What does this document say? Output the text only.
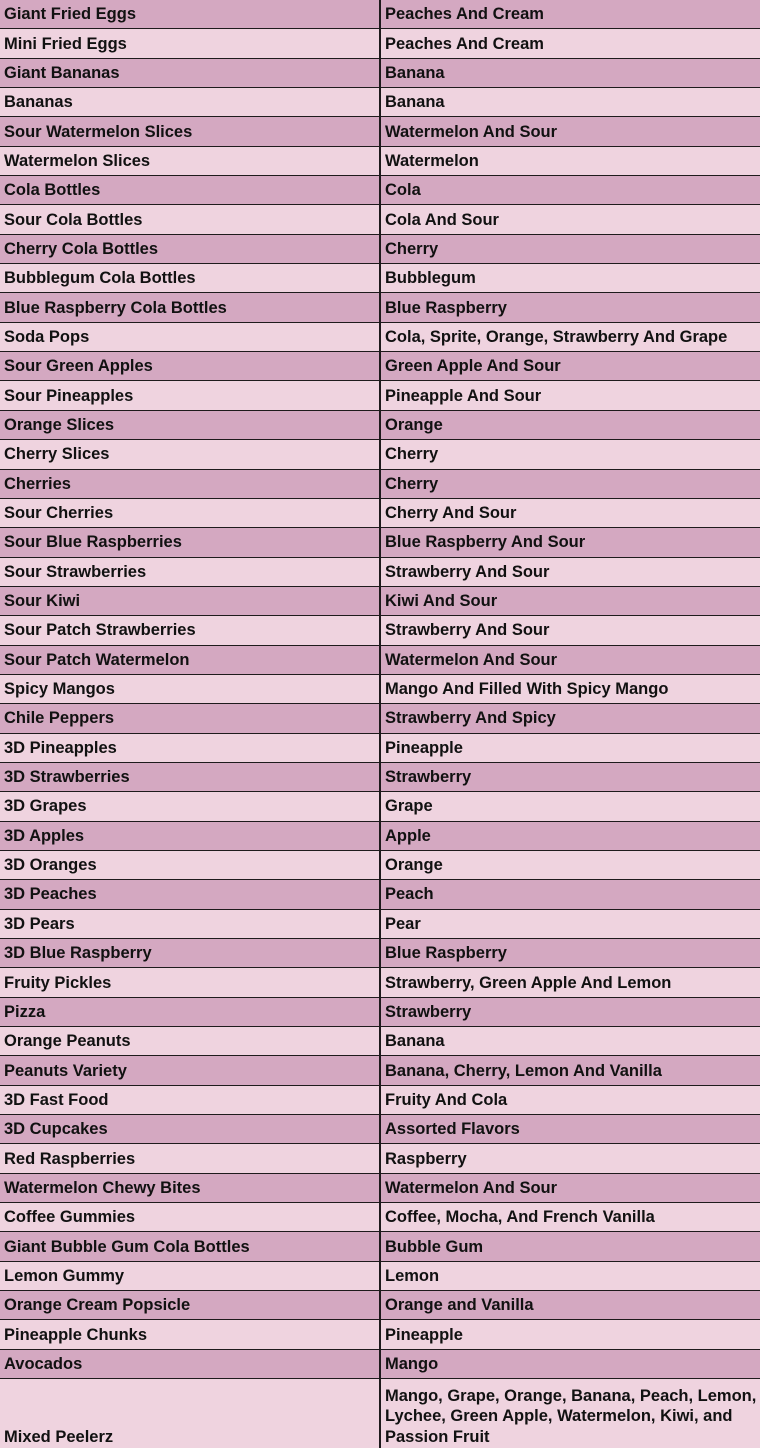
Giant Fried Eggs	Peaches And Cream
Mini Fried Eggs	Peaches And Cream
Giant Bananas	Banana
Bananas	Banana
Sour Watermelon Slices	Watermelon And Sour
Watermelon Slices	Watermelon
Cola Bottles	Cola
Sour Cola Bottles	Cola And Sour
Cherry Cola Bottles	Cherry
Bubblegum Cola Bottles	Bubblegum
Blue Raspberry Cola Bottles	Blue Raspberry
Soda Pops	Cola, Sprite, Orange, Strawberry And Grape
Sour Green Apples	Green Apple And Sour
Sour Pineapples	Pineapple And Sour
Orange Slices	Orange
Cherry Slices	Cherry
Cherries	Cherry
Sour Cherries	Cherry And Sour
Sour Blue Raspberries	Blue Raspberry And Sour
Sour Strawberries	Strawberry And Sour
Sour Kiwi	Kiwi And Sour
Sour Patch Strawberries	Strawberry And Sour
Sour Patch Watermelon	Watermelon And Sour
Spicy Mangos	Mango And Filled With Spicy Mango
Chile Peppers	Strawberry And Spicy
3D Pineapples	Pineapple
3D Strawberries	Strawberry
3D Grapes	Grape
3D Apples	Apple
3D Oranges	Orange
3D Peaches	Peach
3D Pears	Pear
3D Blue Raspberry	Blue Raspberry
Fruity Pickles	Strawberry, Green Apple And Lemon
Pizza	Strawberry
Orange Peanuts	Banana
Peanuts Variety	Banana, Cherry, Lemon And Vanilla
3D Fast Food	Fruity And Cola
3D Cupcakes	Assorted Flavors
Red Raspberries	Raspberry
Watermelon Chewy Bites	Watermelon And Sour
Coffee Gummies	Coffee, Mocha, And French Vanilla
Giant Bubble Gum Cola Bottles	Bubble Gum
Lemon Gummy	Lemon
Orange Cream Popsicle	Orange and Vanilla
Pineapple Chunks	Pineapple
Avocados	Mango
Mixed Peelerz	Mango, Grape, Orange, Banana, Peach, Lemon, Lychee, Green Apple, Watermelon, Kiwi, and Passion Fruit
